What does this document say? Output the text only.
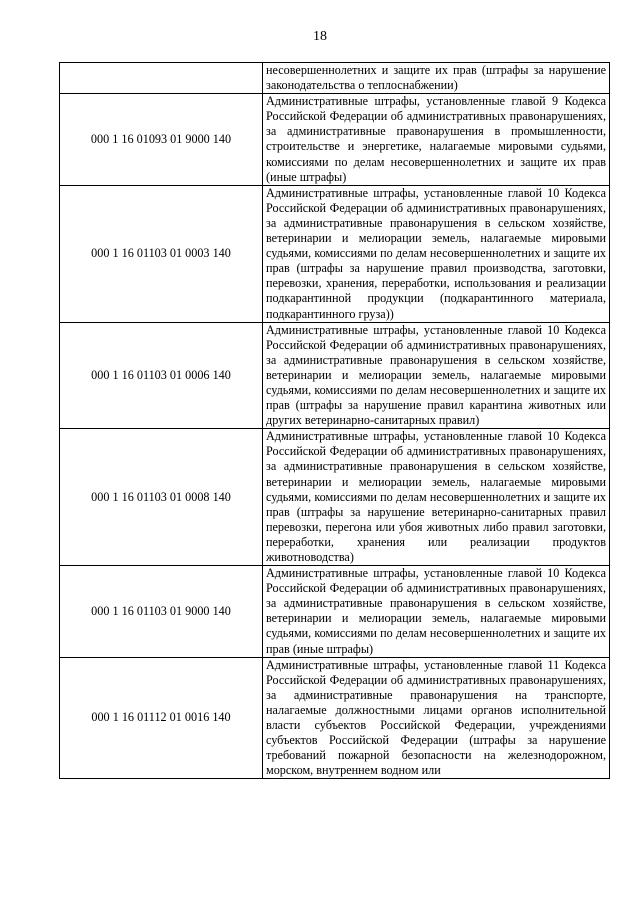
18
	несовершеннолетних и защите их прав (штрафы за нарушение законодательства о теплоснабжении)
000 1 16 01093 01 9000 140	Административные штрафы, установленные главой 9 Кодекса Российской Федерации об административных правонарушениях, за административные правонарушения в промышленности, строительстве и энергетике, налагаемые мировыми судьями, комиссиями по делам несовершеннолетних и защите их прав (иные штрафы)
000 1 16 01103 01 0003 140	Административные штрафы, установленные главой 10 Кодекса Российской Федерации об административных правонарушениях, за административные правонарушения в сельском хозяйстве, ветеринарии и мелиорации земель, налагаемые мировыми судьями, комиссиями по делам несовершеннолетних и защите их прав (штрафы за нарушение правил производства, заготовки, перевозки, хранения, переработки, использования и реализации подкарантинной продукции (подкарантинного материала, подкарантинного груза))
000 1 16 01103 01 0006 140	Административные штрафы, установленные главой 10 Кодекса Российской Федерации об административных правонарушениях, за административные правонарушения в сельском хозяйстве, ветеринарии и мелиорации земель, налагаемые мировыми судьями, комиссиями по делам несовершеннолетних и защите их прав (штрафы за нарушение правил карантина животных или других ветеринарно-санитарных правил)
000 1 16 01103 01 0008 140	Административные штрафы, установленные главой 10 Кодекса Российской Федерации об административных правонарушениях, за административные правонарушения в сельском хозяйстве, ветеринарии и мелиорации земель, налагаемые мировыми судьями, комиссиями по делам несовершеннолетних и защите их прав (штрафы за нарушение ветеринарно-санитарных правил перевозки, перегона или убоя животных либо правил заготовки, переработки, хранения или реализации продуктов животноводства)
000 1 16 01103 01 9000 140	Административные штрафы, установленные главой 10 Кодекса Российской Федерации об административных правонарушениях, за административные правонарушения в сельском хозяйстве, ветеринарии и мелиорации земель, налагаемые мировыми судьями, комиссиями по делам несовершеннолетних и защите их прав (иные штрафы)
000 1 16 01112 01 0016 140	Административные штрафы, установленные главой 11 Кодекса Российской Федерации об административных правонарушениях, за административные правонарушения на транспорте, налагаемые должностными лицами органов исполнительной власти субъектов Российской Федерации, учреждениями субъектов Российской Федерации (штрафы за нарушение требований пожарной безопасности на железнодорожном, морском, внутреннем водном или
